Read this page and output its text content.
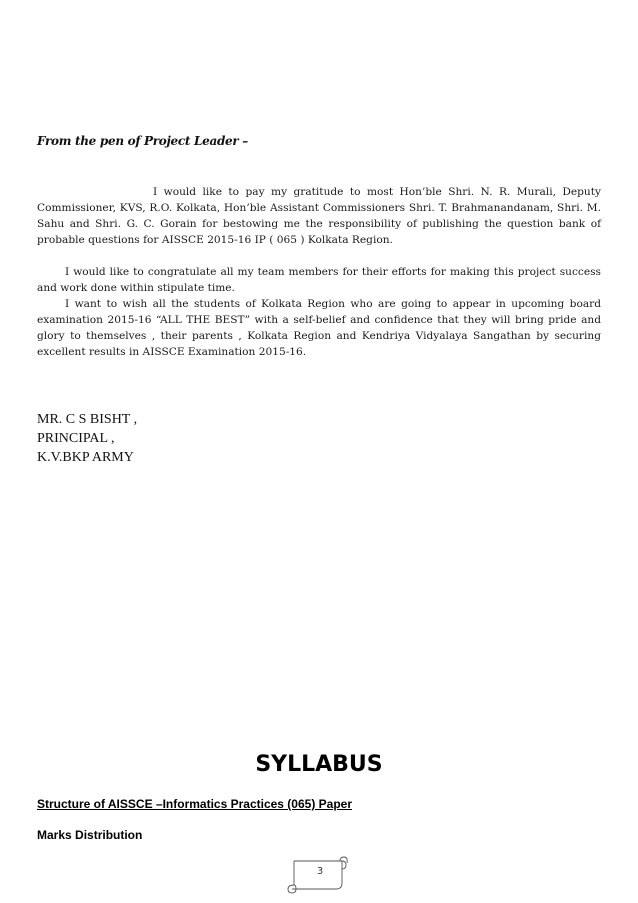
From the pen of Project Leader –
I would like to pay my gratitude to most Hon’ble Shri. N. R. Murali, Deputy Commissioner, KVS, R.O. Kolkata, Hon’ble Assistant Commissioners Shri. T. Brahmanandanam, Shri. M. Sahu and Shri. G. C. Gorain for bestowing me the responsibility of publishing the question bank of probable questions for AISSCE 2015-16 IP ( 065 ) Kolkata Region.
I would like to congratulate all my team members for their efforts for making this project success and work done within stipulate time.
I want to wish all the students of Kolkata Region who are going to appear in upcoming board examination 2015-16 “ALL THE BEST” with a self-belief and confidence that they will bring pride and glory to themselves , their parents , Kolkata Region and Kendriya Vidyalaya Sangathan by securing excellent results in AISSCE Examination 2015-16.
MR. C S BISHT ,
PRINCIPAL ,
K.V.BKP ARMY
SYLLABUS
Structure of AISSCE –Informatics Practices (065) Paper
Marks Distribution
3
